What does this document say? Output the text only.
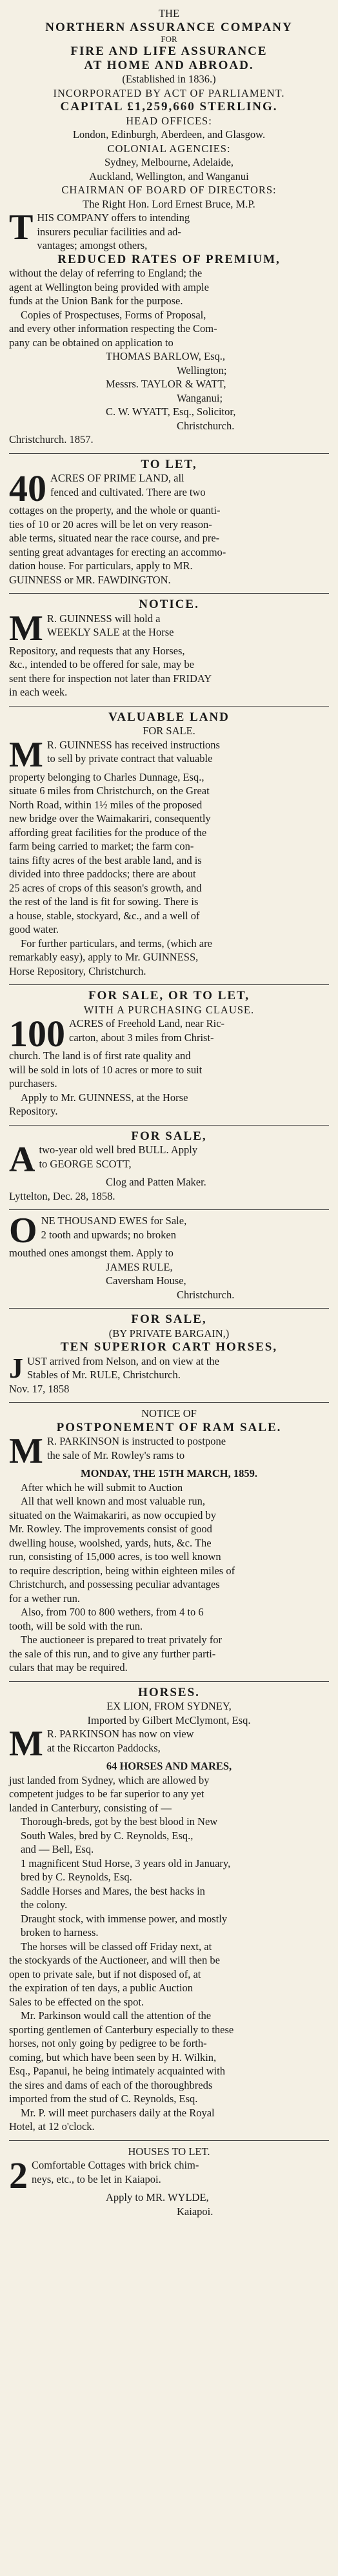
THE

NORTHERN ASSURANCE COMPANY

FOR

FIRE AND LIFE ASSURANCE

AT HOME AND ABROAD.

(Established in 1836.)

INCORPORATED BY ACT OF PARLIAMENT.

CAPITAL £1,259,660 STERLING.

HEAD OFFICES:

London, Edinburgh, Aberdeen, and Glasgow.

COLONIAL AGENCIES:

Sydney, Melbourne, Adelaide,

Auckland, Wellington, and Wanganui

CHAIRMAN OF BOARD OF DIRECTORS:

The Right Hon. Lord Ernest Bruce, M.P.

T HIS COMPANY offers to intending

insurers peculiar facilities and ad-

vantages; amongst others,

REDUCED RATES OF PREMIUM,

without the delay of referring to England; the

agent at Wellington being provided with ample

funds at the Union Bank for the purpose.

Copies of Prospectuses, Forms of Proposal,

and every other information respecting the Com-

pany can be obtained on application to

THOMAS BARLOW, Esq.,

Wellington;

Messrs. TAYLOR & WATT,

Wanganui;

C. W. WYATT, Esq., Solicitor,

Christchurch.

Christchurch. 1857.

TO LET,

40 ACRES OF PRIME LAND, all

fenced and cultivated. There are two

cottages on the property, and the whole or quanti-

ties of 10 or 20 acres will be let on very reason-

able terms, situated near the race course, and pre-

senting great advantages for erecting an accommo-

dation house. For particulars, apply to MR.

GUINNESS or MR. FAWDINGTON.

NOTICE.

M R. GUINNESS will hold a

WEEKLY SALE at the Horse

Repository, and requests that any Horses,

&c., intended to be offered for sale, may be

sent there for inspection not later than FRIDAY

in each week.

VALUABLE LAND

FOR SALE.

M R. GUINNESS has received instructions

to sell by private contract that valuable

property belonging to Charles Dunnage, Esq.,

situate 6 miles from Christchurch, on the Great

North Road, within 1½ miles of the proposed

new bridge over the Waimakariri, consequently

affording great facilities for the produce of the

farm being carried to market; the farm con-

tains fifty acres of the best arable land, and is

divided into three paddocks; there are about

25 acres of crops of this season's growth, and

the rest of the land is fit for sowing. There is

a house, stable, stockyard, &c., and a well of

good water.

For further particulars, and terms, (which are

remarkably easy), apply to Mr. GUINNESS,

Horse Repository, Christchurch.

FOR SALE, OR TO LET,

WITH A PURCHASING CLAUSE.

100 ACRES of Freehold Land, near Ric-

carton, about 3 miles from Christ-

church. The land is of first rate quality and

will be sold in lots of 10 acres or more to suit

purchasers.

Apply to Mr. GUINNESS, at the Horse

Repository.

FOR SALE,

A two-year old well bred BULL. Apply

to GEORGE SCOTT,

Clog and Patten Maker.

Lyttelton, Dec. 28, 1858.

O NE THOUSAND EWES for Sale,

2 tooth and upwards; no broken

mouthed ones amongst them. Apply to

JAMES RULE,

Caversham House,

Christchurch.

FOR SALE,

(BY PRIVATE BARGAIN,)

TEN SUPERIOR CART HORSES,

J UST arrived from Nelson, and on view at the

Stables of Mr. RULE, Christchurch.

Nov. 17, 1858

NOTICE OF

POSTPONEMENT OF RAM SALE.

M R. PARKINSON is instructed to postpone

the sale of Mr. Rowley's rams to

MONDAY, THE 15TH MARCH, 1859.

After which he will submit to Auction

All that well known and most valuable run,

situated on the Waimakariri, as now occupied by

Mr. Rowley. The improvements consist of good

dwelling house, woolshed, yards, huts, &c. The

run, consisting of 15,000 acres, is too well known

to require description, being within eighteen miles of

Christchurch, and possessing peculiar advantages

for a wether run.

Also, from 700 to 800 wethers, from 4 to 6

tooth, will be sold with the run.

The auctioneer is prepared to treat privately for

the sale of this run, and to give any further parti-

culars that may be required.

HORSES.

EX LION, FROM SYDNEY,

Imported by Gilbert McClymont, Esq.

M R. PARKINSON has now on view

at the Riccarton Paddocks,

64 HORSES AND MARES,

just landed from Sydney, which are allowed by

competent judges to be far superior to any yet

landed in Canterbury, consisting of —

Thorough-breds, got by the best blood in New

South Wales, bred by C. Reynolds, Esq.,

and — Bell, Esq.

1 magnificent Stud Horse, 3 years old in January,

bred by C. Reynolds, Esq.

Saddle Horses and Mares, the best hacks in

the colony.

Draught stock, with immense power, and mostly

broken to harness.

The horses will be classed off Friday next, at

the stockyards of the Auctioneer, and will then be

open to private sale, but if not disposed of, at

the expiration of ten days, a public Auction

Sales to be effected on the spot.

Mr. Parkinson would call the attention of the

sporting gentlemen of Canterbury especially to these

horses, not only going by pedigree to be forth-

coming, but which have been seen by H. Wilkin,

Esq., Papanui, he being intimately acquainted with

the sires and dams of each of the thoroughbreds

imported from the stud of C. Reynolds, Esq.

Mr. P. will meet purchasers daily at the Royal

Hotel, at 12 o'clock.

HOUSES TO LET.

2 Comfortable Cottages with brick chim-

neys, etc., to be let in Kaiapoi.

Apply to MR. WYLDE,

Kaiapoi.
